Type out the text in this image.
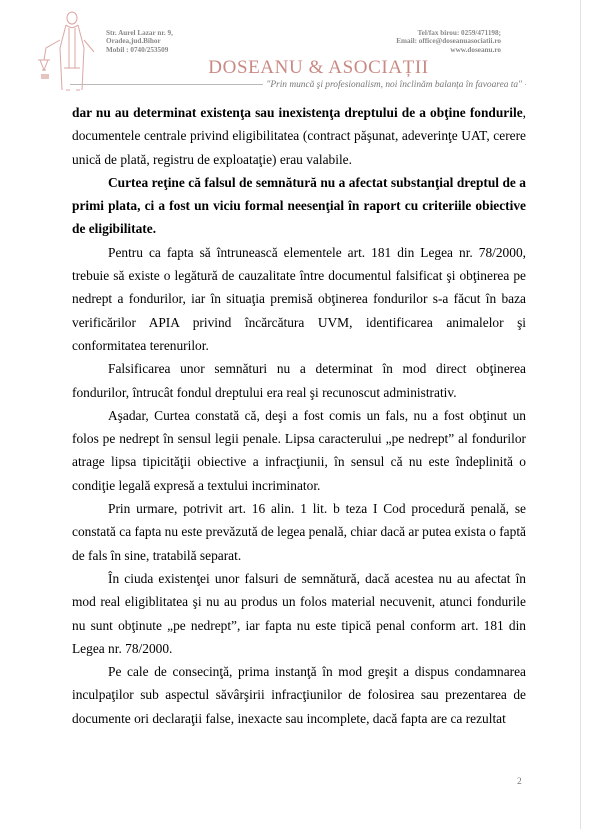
Str. Aurel Lazar nr. 9,
Oradea,jud.Bihor
Mobil : 0740/253509
Tel/fax birou: 0259/471198;
Email: office@doseanuasociatii.ro
www.doseanu.ro
DOSEANU & ASOCIAȚII
"Prin muncă şi profesionalism, noi înclinăm balanța în favoarea ta"

dar nu au determinat existenţa sau inexistenţa dreptului de a obţine fondurile, documentele centrale privind eligibilitatea (contract păşunat, adeverinţe UAT, cerere unică de plată, registru de exploataţie) erau valabile.

Curtea reţine că falsul de semnătură nu a afectat substanţial dreptul de a primi plata, ci a fost un viciu formal neesenţial în raport cu criteriile obiective de eligibilitate.

Pentru ca fapta să întrunească elementele art. 181 din Legea nr. 78/2000, trebuie să existe o legătură de cauzalitate între documentul falsificat şi obţinerea pe nedrept a fondurilor, iar în situaţia premisă obţinerea fondurilor s-a făcut în baza verificărilor APIA privind încărcătura UVM, identificarea animalelor şi conformitatea terenurilor.

Falsificarea unor semnături nu a determinat în mod direct obţinerea fondurilor, întrucât fondul dreptului era real şi recunoscut administrativ.

Aşadar, Curtea constată că, deşi a fost comis un fals, nu a fost obţinut un folos pe nedrept în sensul legii penale. Lipsa caracterului „pe nedrept” al fondurilor atrage lipsa tipicităţii obiective a infracţiunii, în sensul că nu este îndeplinită o condiţie legală expresă a textului incriminator.

Prin urmare, potrivit art. 16 alin. 1 lit. b teza I Cod procedură penală, se constată ca fapta nu este prevăzută de legea penală, chiar dacă ar putea exista o faptă de fals în sine, tratabilă separat.

În ciuda existenţei unor falsuri de semnătură, dacă acestea nu au afectat în mod real eligiblitatea şi nu au produs un folos material necuvenit, atunci fondurile nu sunt obţinute „pe nedrept”, iar fapta nu este tipică penal conform art. 181 din Legea nr. 78/2000.

Pe cale de consecinţă, prima instanţă în mod greşit a dispus condamnarea inculpaţilor sub aspectul săvârşirii infracţiunilor de folosirea sau prezentarea de documente ori declaraţii false, inexacte sau incomplete, dacă fapta are ca rezultat

2
